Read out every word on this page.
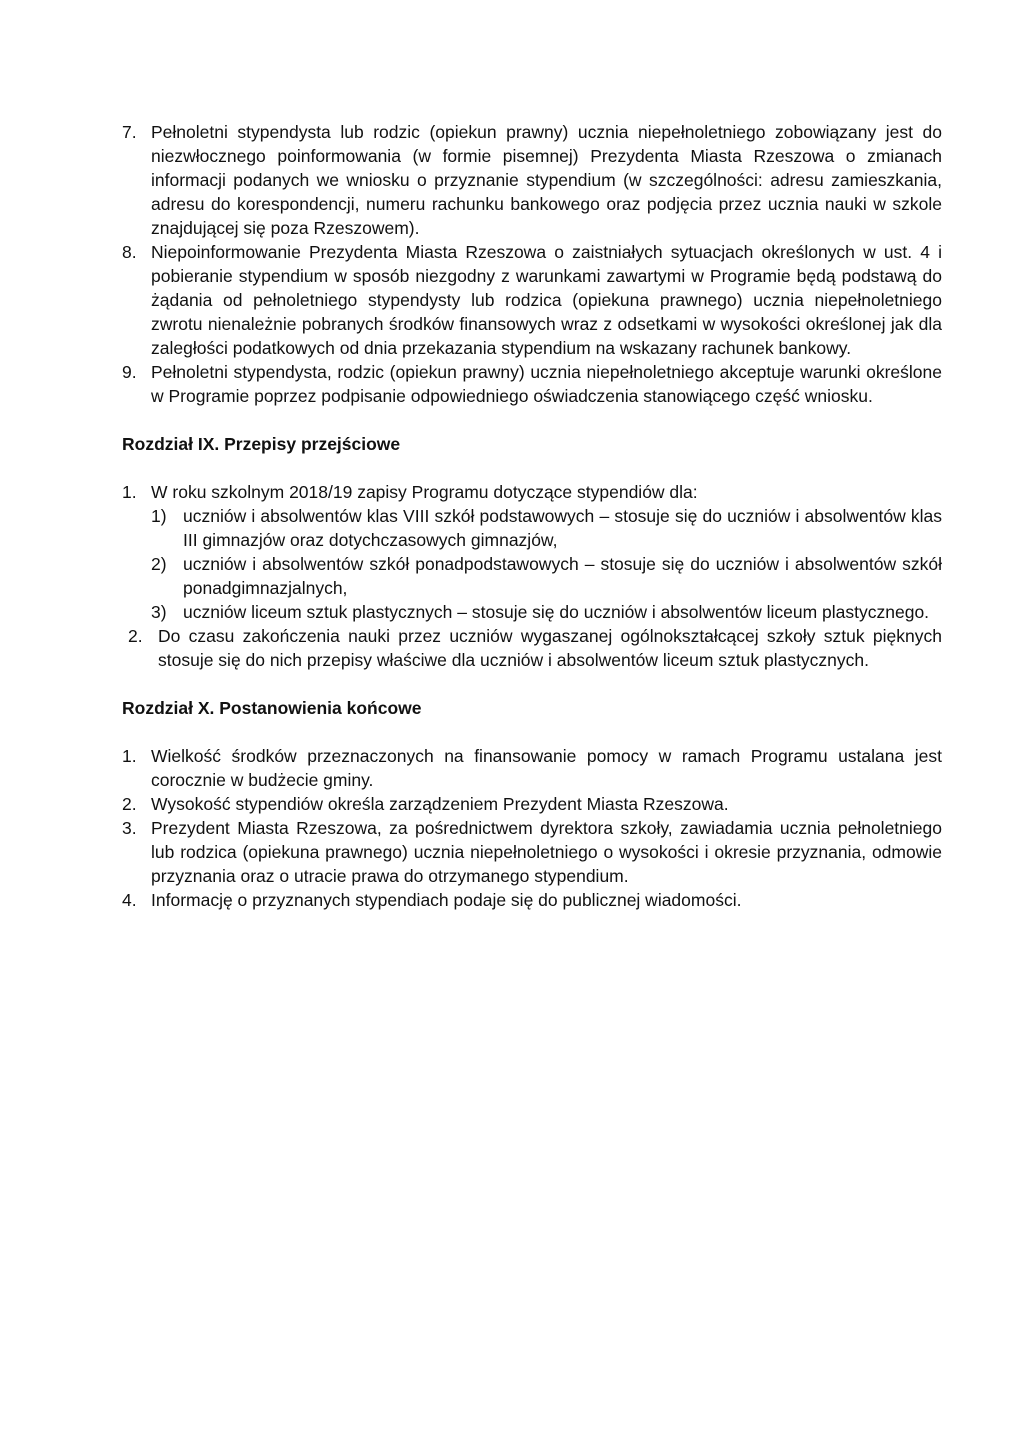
7. Pełnoletni stypendysta lub rodzic (opiekun prawny) ucznia niepełnoletniego zobowiązany jest do niezwłocznego poinformowania (w formie pisemnej) Prezydenta Miasta Rzeszowa o zmianach informacji podanych we wniosku o przyznanie stypendium (w szczególności: adresu zamieszkania, adresu do korespondencji, numeru rachunku bankowego oraz podjęcia przez ucznia nauki w szkole znajdującej się poza Rzeszowem).
8. Niepoinformowanie Prezydenta Miasta Rzeszowa o zaistniałych sytuacjach określonych w ust. 4 i pobieranie stypendium w sposób niezgodny z warunkami zawartymi w Programie będą podstawą do żądania od pełnoletniego stypendysty lub rodzica (opiekuna prawnego) ucznia niepełnoletniego zwrotu nienależnie pobranych środków finansowych wraz z odsetkami w wysokości określonej jak dla zaległości podatkowych od dnia przekazania stypendium na wskazany rachunek bankowy.
9. Pełnoletni stypendysta, rodzic (opiekun prawny) ucznia niepełnoletniego akceptuje warunki określone w Programie poprzez podpisanie odpowiedniego oświadczenia stanowiącego część wniosku.
Rozdział IX. Przepisy przejściowe
1. W roku szkolnym 2018/19 zapisy Programu dotyczące stypendiów dla:
1) uczniów i absolwentów klas VIII szkół podstawowych – stosuje się do uczniów i absolwentów klas III gimnazjów oraz dotychczasowych gimnazjów,
2) uczniów i absolwentów szkół ponadpodstawowych – stosuje się do uczniów i absolwentów szkół ponadgimnazjalnych,
3) uczniów liceum sztuk plastycznych – stosuje się do uczniów i absolwentów liceum plastycznego.
2. Do czasu zakończenia nauki przez uczniów wygaszanej ogólnokształcącej szkoły sztuk pięknych stosuje się do nich przepisy właściwe dla uczniów i absolwentów liceum sztuk plastycznych.
Rozdział X. Postanowienia końcowe
1. Wielkość środków przeznaczonych na finansowanie pomocy w ramach Programu ustalana jest corocznie w budżecie gminy.
2. Wysokość stypendiów określa zarządzeniem Prezydent Miasta Rzeszowa.
3. Prezydent Miasta Rzeszowa, za pośrednictwem dyrektora szkoły, zawiadamia ucznia pełnoletniego lub rodzica (opiekuna prawnego) ucznia niepełnoletniego o wysokości i okresie przyznania, odmowie przyznania oraz o utracie prawa do otrzymanego stypendium.
4. Informację o przyznanych stypendiach podaje się do publicznej wiadomości.
